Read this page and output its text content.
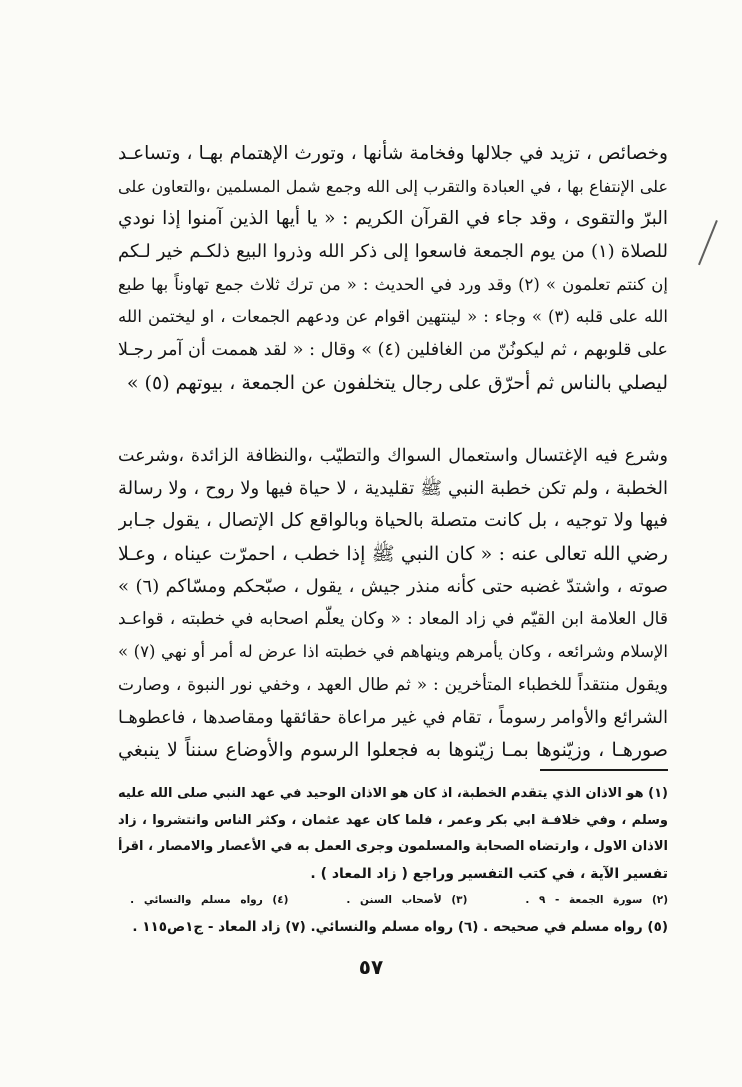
وخصائص ، تزيد في جلالها وفخامة شأنها ، وتورث الإهتمام بهـا ، وتساعـد
على الإنتفاع بها ، في العبادة والتقرب إلى الله وجمع شمل المسلمين ،والتعاون على
البرّ والتقوى ، وقد جاء في القرآن الكريم : « يا أيها الذين آمنوا إذا نودي
للصلاة (١) من يوم الجمعة فاسعوا إلى ذكر الله وذروا البيع ذلكـم خير لـكم
إن كنتم تعلمون » (٢) وقد ورد في الحديث : « من ترك ثلاث جمع تهاوناً بها طبع
الله على قلبه (٣) » وجاء : « لينتهين اقوام عن ودعهم الجمعات ، او ليختمن الله
على قلوبهم ، ثم ليكونُنّ من الغافلين (٤) » وقال : « لقد هممت أن آمر رجـلا
ليصلي بالناس ثم أحرّق على رجال يتخلفون عن الجمعة ، بيوتهم (٥) »
وشرع فيه الإغتسال واستعمال السواك والتطيّب ،والنظافة الزائدة ،وشرعت
الخطبة ، ولم تكن خطبة النبي ﷺ تقليدية ، لا حياة فيها ولا روح ، ولا رسالة
فيها ولا توجيه ، بل كانت متصلة بالحياة وبالواقع كل الإتصال ، يقول جـابر
رضي الله تعالى عنه : « كان النبي ﷺ إذا خطب ، احمرّت عيناه ، وعـلا
صوته ، واشتدّ غضبه حتى كأنه منذر جيش ، يقول ، صبّحكم ومسّاكم (٦) »
قال العلامة ابن القيّم في زاد المعاد : « وكان يعلّم اصحابه في خطبته ، قواعـد
الإسلام وشرائعه ، وكان يأمرهم وينهاهم في خطبته اذا عرض له أمر أو نهي (٧) »
ويقول منتقداً للخطباء المتأخرين : « ثم طال العهد ، وخفي نور النبوة ، وصارت
الشرائع والأوامر رسوماً ، تقام في غير مراعاة حقائقها ومقاصدها ، فاعطوهـا
صورهـا ، وزيّنوها بمـا زيّنوها به فجعلوا الرسوم والأوضاع سنناً لا ينبغي
(١) هو الاذان الذي يتقدم الخطبة، اذ كان هو الاذان الوحيد في عهد النبي صلى الله عليه
وسلم ، وفي خلافـة ابي بكر وعمر ، فلما كان عهد عثمان ، وكثر الناس وانتشروا ، زاد
الاذان الاول ، وارتضاه الصحابة والمسلمون وجرى العمل به في الأعصار والامصار ، اقرأ
تفسير الآية ، في كتب التفسير وراجع ( زاد المعاد ) .
(٢) سورة الجمعة - ٩ .      (٣) لأصحاب السنن .      (٤) رواه مسلم والنسائي .
(٥) رواه مسلم في صحيحه . (٦) رواه مسلم والنسائي. (٧) زاد المعاد - ج١ص١١٥ .
٥٧
